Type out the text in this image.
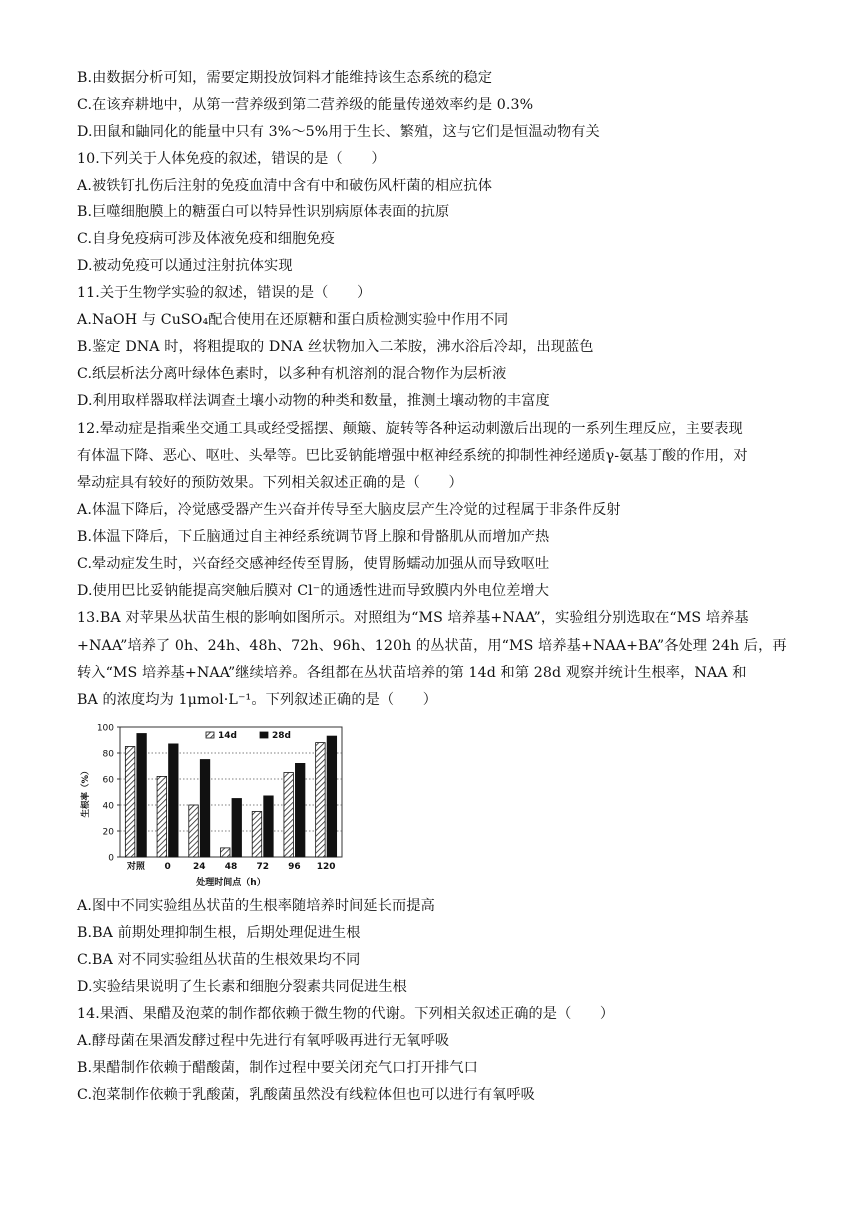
B.由数据分析可知，需要定期投放饲料才能维持该生态系统的稳定
C.在该弃耕地中，从第一营养级到第二营养级的能量传递效率约是 0.3%
D.田鼠和鼬同化的能量中只有 3%～5%用于生长、繁殖，这与它们是恒温动物有关
10.下列关于人体免疫的叙述，错误的是（　　）
A.被铁钉扎伤后注射的免疫血清中含有中和破伤风杆菌的相应抗体
B.巨噬细胞膜上的糖蛋白可以特异性识别病原体表面的抗原
C.自身免疫病可涉及体液免疫和细胞免疫
D.被动免疫可以通过注射抗体实现
11.关于生物学实验的叙述，错误的是（　　）
A.NaOH 与 CuSO₄配合使用在还原糖和蛋白质检测实验中作用不同
B.鉴定 DNA 时，将粗提取的 DNA 丝状物加入二苯胺，沸水浴后冷却，出现蓝色
C.纸层析法分离叶绿体色素时，以多种有机溶剂的混合物作为层析液
D.利用取样器取样法调查土壤小动物的种类和数量，推测土壤动物的丰富度
12.晕动症是指乘坐交通工具或经受摇摆、颠簸、旋转等各种运动刺激后出现的一系列生理反应，主要表现
有体温下降、恶心、呕吐、头晕等。巴比妥钠能增强中枢神经系统的抑制性神经递质γ-氨基丁酸的作用，对
晕动症具有较好的预防效果。下列相关叙述正确的是（　　）
A.体温下降后，冷觉感受器产生兴奋并传导至大脑皮层产生冷觉的过程属于非条件反射
B.体温下降后，下丘脑通过自主神经系统调节肾上腺和骨骼肌从而增加产热
C.晕动症发生时，兴奋经交感神经传至胃肠，使胃肠蠕动加强从而导致呕吐
D.使用巴比妥钠能提高突触后膜对 Cl⁻的通透性进而导致膜内外电位差增大
13.BA 对苹果丛状苗生根的影响如图所示。对照组为“MS 培养基+NAA”，实验组分别选取在“MS 培养基
+NAA”培养了 0h、24h、48h、72h、96h、120h 的丛状苗，用“MS 培养基+NAA+BA”各处理 24h 后，再
转入“MS 培养基+NAA”继续培养。各组都在丛状苗培养的第 14d 和第 28d 观察并统计生根率，NAA 和
BA 的浓度均为 1μmol·L⁻¹。下列叙述正确的是（　　）
A.图中不同实验组丛状苗的生根率随培养时间延长而提高
B.BA 前期处理抑制生根，后期处理促进生根
C.BA 对不同实验组丛状苗的生根效果均不同
D.实验结果说明了生长素和细胞分裂素共同促进生根
14.果酒、果醋及泡菜的制作都依赖于微生物的代谢。下列相关叙述正确的是（　　）
A.酵母菌在果酒发酵过程中先进行有氧呼吸再进行无氧呼吸
B.果醋制作依赖于醋酸菌，制作过程中要关闭充气口打开排气口
C.泡菜制作依赖于乳酸菌，乳酸菌虽然没有线粒体但也可以进行有氧呼吸
0
20
40
60
80
100
生根率（%）
对照 0 24 48 72 96 120
处理时间点（h）
14d	28d
